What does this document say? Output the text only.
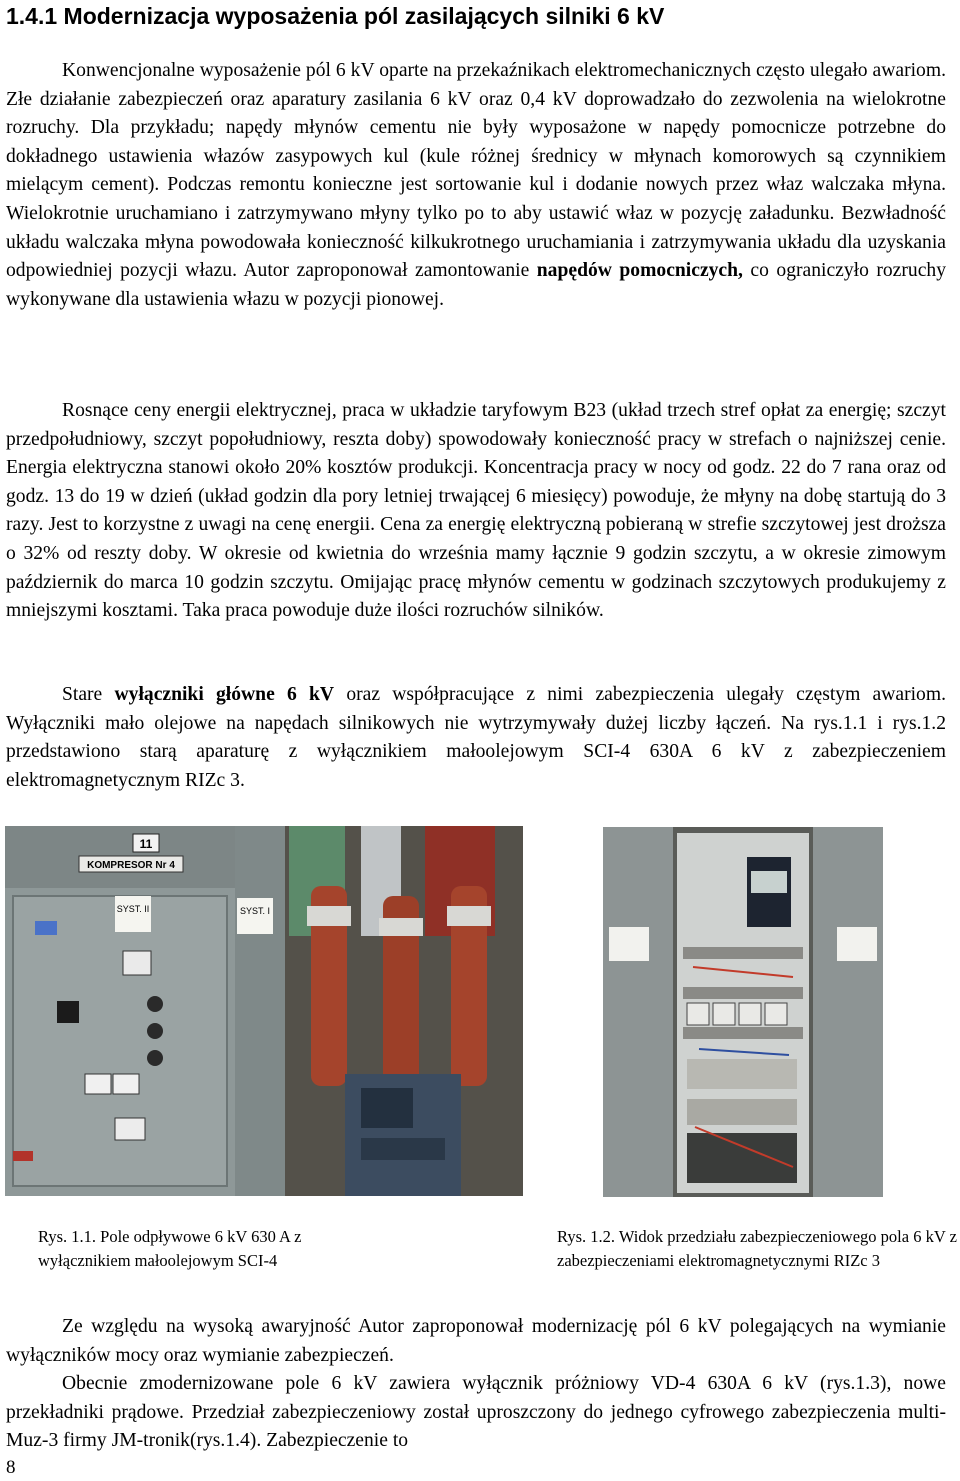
1.4.1 Modernizacja wyposażenia pól zasilających silniki 6 kV

Konwencjonalne wyposażenie pól 6 kV oparte na przekaźnikach elektromechanicznych często ulegało awariom. Złe działanie zabezpieczeń oraz aparatury zasilania 6 kV oraz 0,4 kV doprowadzało do zezwolenia na wielokrotne rozruchy. Dla przykładu; napędy młynów cementu nie były wyposażone w napędy pomocnicze potrzebne do dokładnego ustawienia włazów zasypowych kul (kule różnej średnicy w młynach komorowych są czynnikiem mielącym cement). Podczas remontu konieczne jest sortowanie kul i dodanie nowych przez właz walczaka młyna. Wielokrotnie uruchamiano i zatrzymywano młyny tylko po to aby ustawić właz w pozycję załadunku. Bezwładność układu walczaka młyna powodowała konieczność kilkukrotnego uruchamiania i zatrzymywania układu dla uzyskania odpowiedniej pozycji włazu. Autor zaproponował zamontowanie napędów pomocniczych, co ograniczyło rozruchy wykonywane dla ustawienia włazu w pozycji pionowej.

Rosnące ceny energii elektrycznej, praca w układzie taryfowym B23 (układ trzech stref opłat za energię; szczyt przedpołudniowy, szczyt popołudniowy, reszta doby) spowodowały konieczność pracy w strefach o najniższej cenie. Energia elektryczna stanowi około 20% kosztów produkcji. Koncentracja pracy w nocy od godz. 22 do 7 rana oraz od godz. 13 do 19 w dzień (układ godzin dla pory letniej trwającej 6 miesięcy) powoduje, że młyny na dobę startują do 3 razy. Jest to korzystne z uwagi na cenę energii. Cena za energię elektryczną pobieraną w strefie szczytowej jest droższa o 32% od reszty doby. W okresie od kwietnia do września mamy łącznie 9 godzin szczytu, a w okresie zimowym październik do marca 10 godzin szczytu. Omijając pracę młynów cementu w godzinach szczytowych produkujemy z mniejszymi kosztami. Taka praca powoduje duże ilości rozruchów silników.

Stare wyłączniki główne 6 kV oraz współpracujące z nimi zabezpieczenia ulegały częstym awariom. Wyłączniki mało olejowe na napędach silnikowych nie wytrzymywały dużej liczby łączeń. Na rys.1.1 i rys.1.2 przedstawiono starą aparaturę z wyłącznikiem małoolejowym SCI-4 630A 6 kV z zabezpieczeniem elektromagnetycznym RIZc 3.

11
KOMPRESOR Nr 4
SYST. II	SYST. I

Rys. 1.1. Pole odpływowe 6 kV 630 A z wyłącznikiem małoolejowym SCI-4

Rys. 1.2. Widok przedziału zabezpieczeniowego pola 6 kV z zabezpieczeniami elektromagnetycznymi RIZc 3

Ze względu na wysoką awaryjność Autor zaproponował modernizację pól 6 kV polegających na wymianie wyłączników mocy oraz wymianie zabezpieczeń.

Obecnie zmodernizowane pole 6 kV zawiera wyłącznik próżniowy VD-4 630A 6 kV (rys.1.3), nowe przekładniki prądowe. Przedział zabezpieczeniowy został uproszczony do jednego cyfrowego zabezpieczenia multi-Muz-3 firmy JM-tronik(rys.1.4). Zabezpieczenie to

8
